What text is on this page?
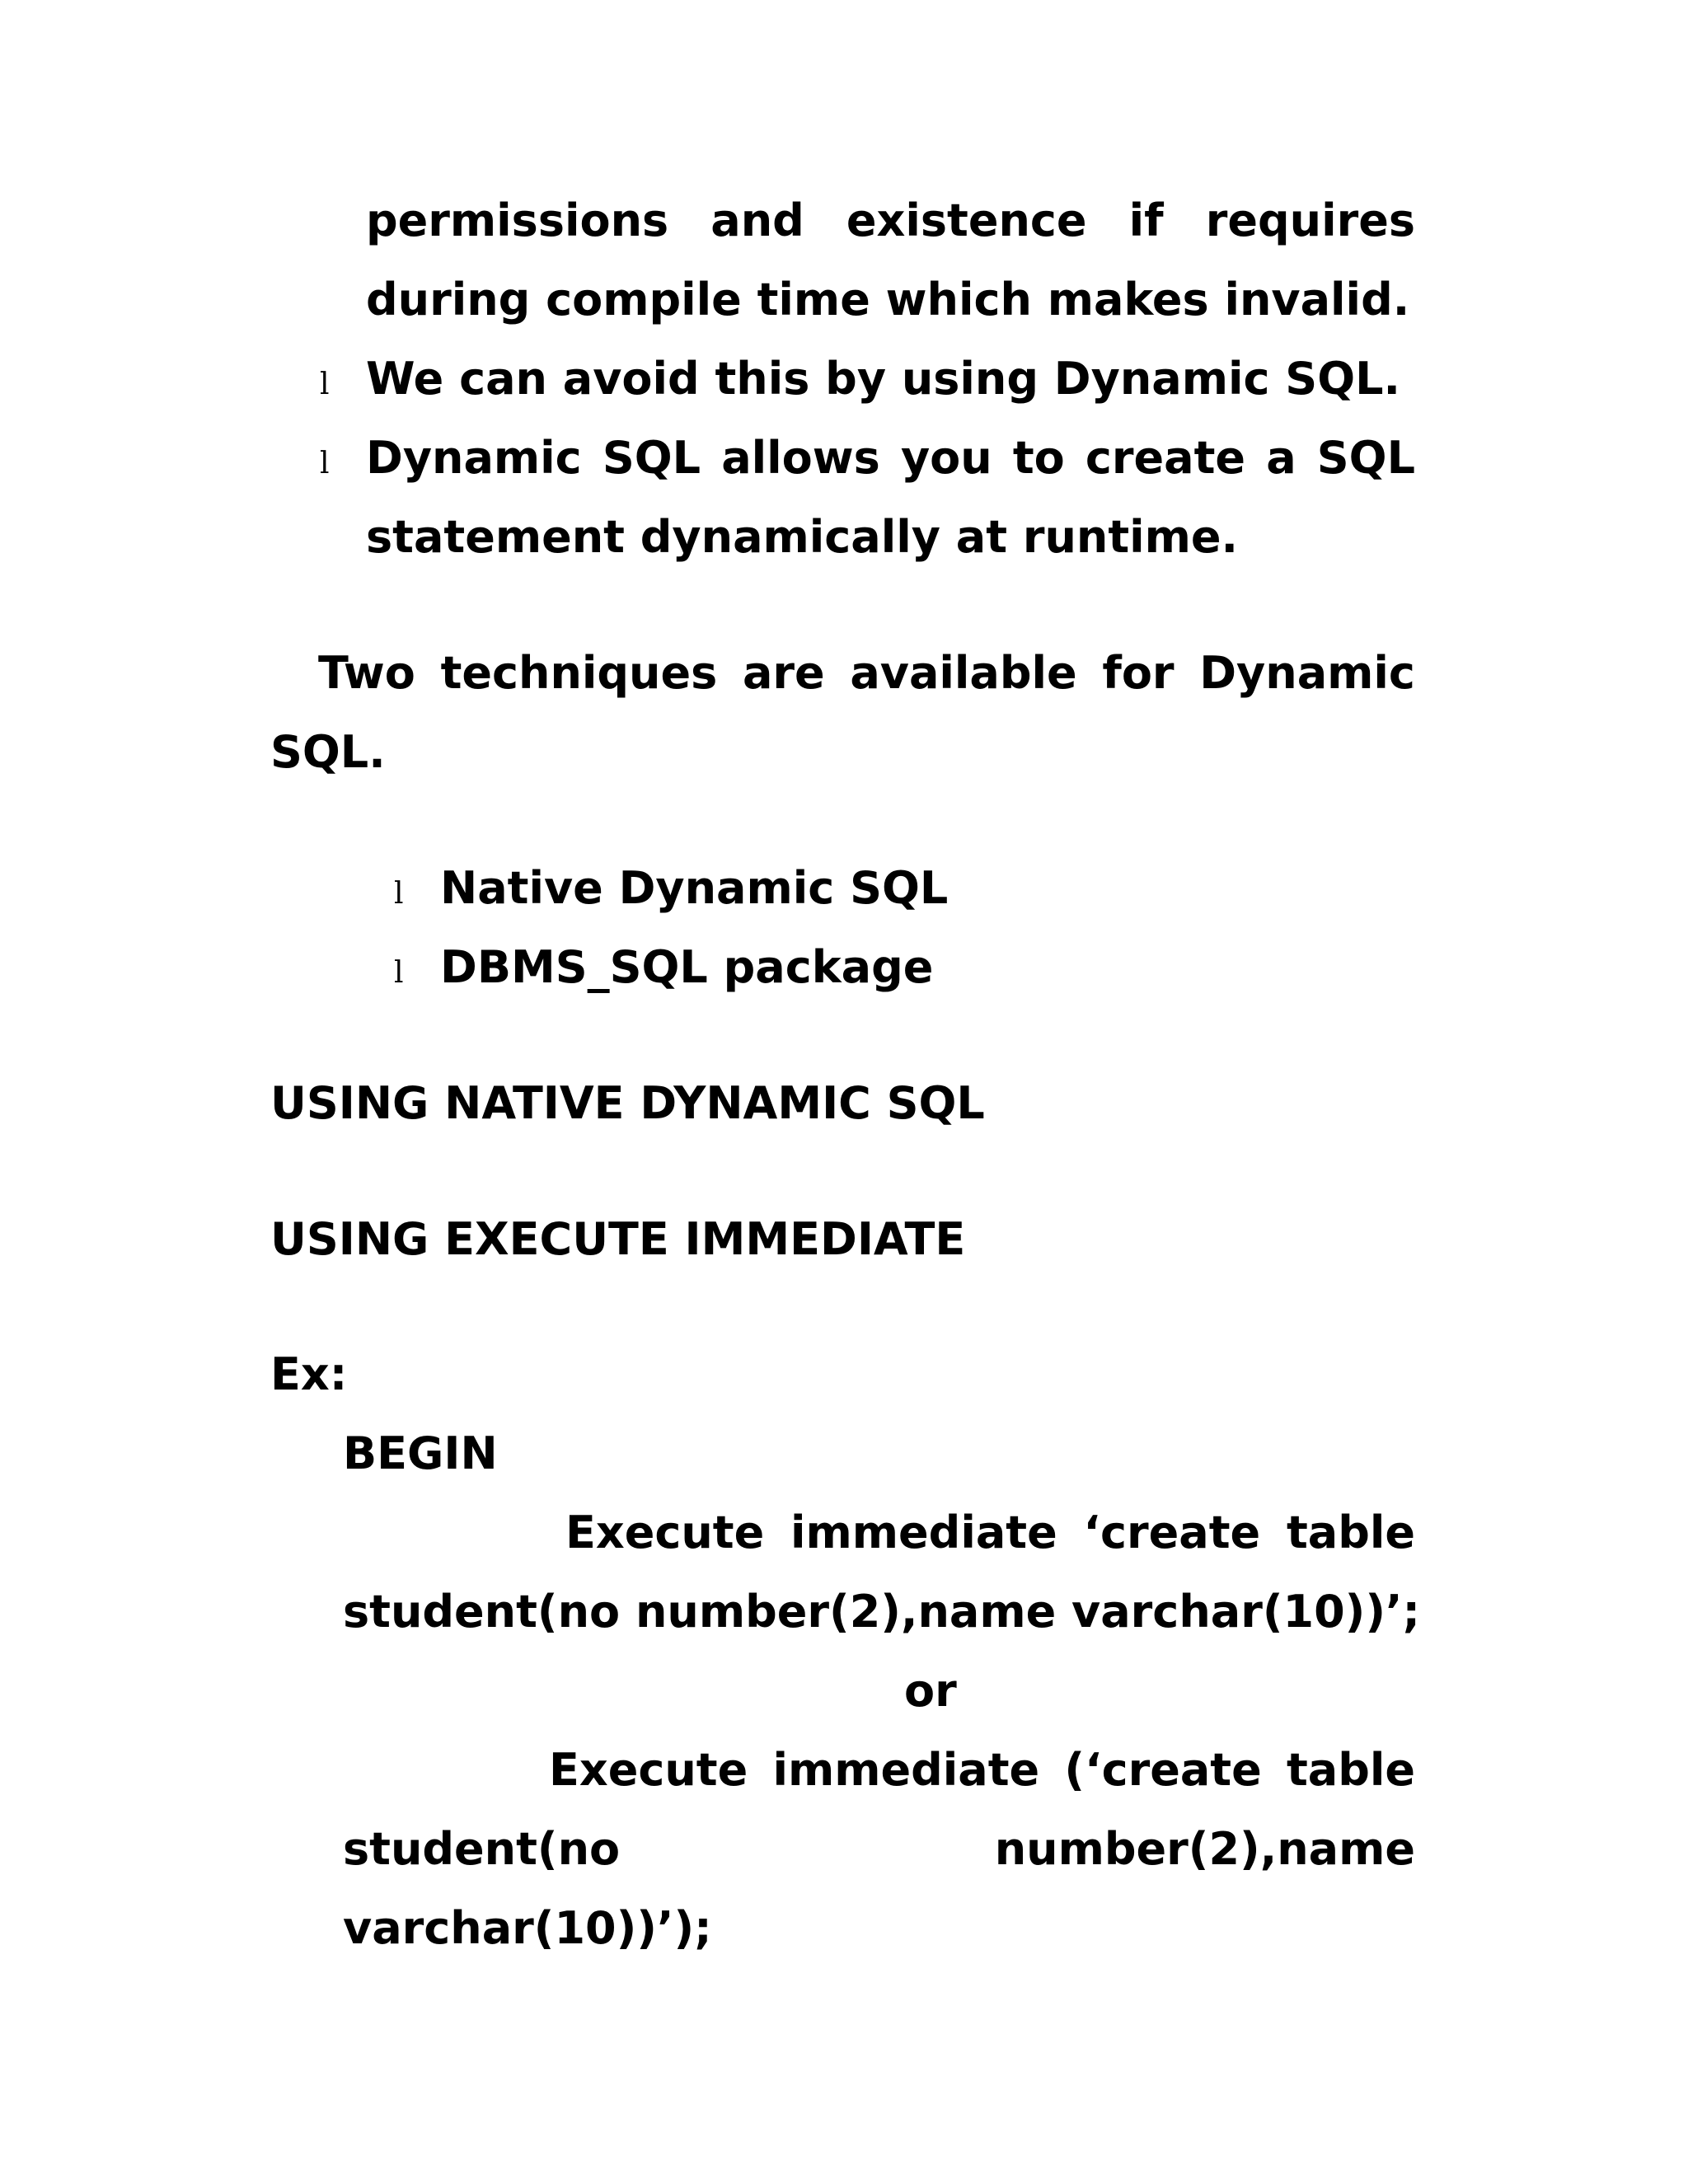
permissions and existence if requires
during compile time which makes invalid.
l We can avoid this by using Dynamic SQL.
l Dynamic SQL allows you to create a SQL
statement dynamically at runtime.
Two techniques are available for Dynamic
SQL.
l Native Dynamic SQL
l DBMS_SQL package
USING NATIVE DYNAMIC SQL
USING EXECUTE IMMEDIATE
Ex:
BEGIN
Execute immediate ‘create table
student(no number(2),name varchar(10))’;
or
Execute immediate (‘create table
student(no	number(2),name
varchar(10))’);
